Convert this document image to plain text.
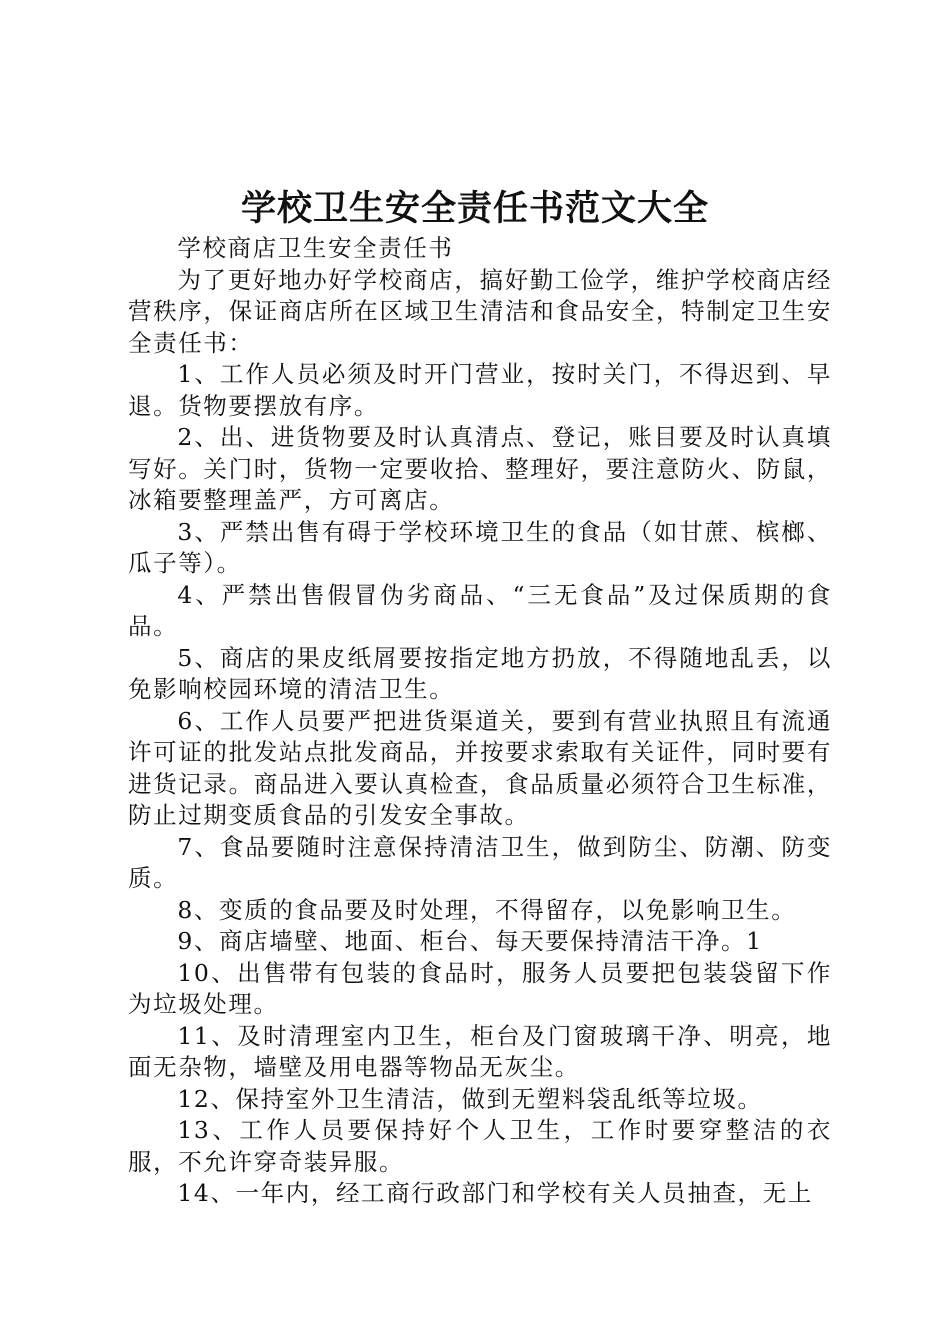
学校卫生安全责任书范文大全

学校商店卫生安全责任书

为了更好地办好学校商店，搞好勤工俭学，维护学校商店经营秩序，保证商店所在区域卫生清洁和食品安全，特制定卫生安全责任书：

1、工作人员必须及时开门营业，按时关门，不得迟到、早退。货物要摆放有序。

2、出、进货物要及时认真清点、登记，账目要及时认真填写好。关门时，货物一定要收拾、整理好，要注意防火、防鼠，冰箱要整理盖严，方可离店。

3、严禁出售有碍于学校环境卫生的食品（如甘蔗、槟榔、瓜子等）。

4、严禁出售假冒伪劣商品、“三无食品”及过保质期的食品。

5、商店的果皮纸屑要按指定地方扔放，不得随地乱丢，以免影响校园环境的清洁卫生。

6、工作人员要严把进货渠道关，要到有营业执照且有流通许可证的批发站点批发商品，并按要求索取有关证件，同时要有进货记录。商品进入要认真检查，食品质量必须符合卫生标准，防止过期变质食品的引发安全事故。

7、食品要随时注意保持清洁卫生，做到防尘、防潮、防变质。

8、变质的食品要及时处理，不得留存，以免影响卫生。

9、商店墙壁、地面、柜台、每天要保持清洁干净。1

10、出售带有包装的食品时，服务人员要把包装袋留下作为垃圾处理。

11、及时清理室内卫生，柜台及门窗玻璃干净、明亮，地面无杂物，墙壁及用电器等物品无灰尘。

12、保持室外卫生清洁，做到无塑料袋乱纸等垃圾。

13、工作人员要保持好个人卫生，工作时要穿整洁的衣服，不允许穿奇装异服。

14、一年内，经工商行政部门和学校有关人员抽查，无上
